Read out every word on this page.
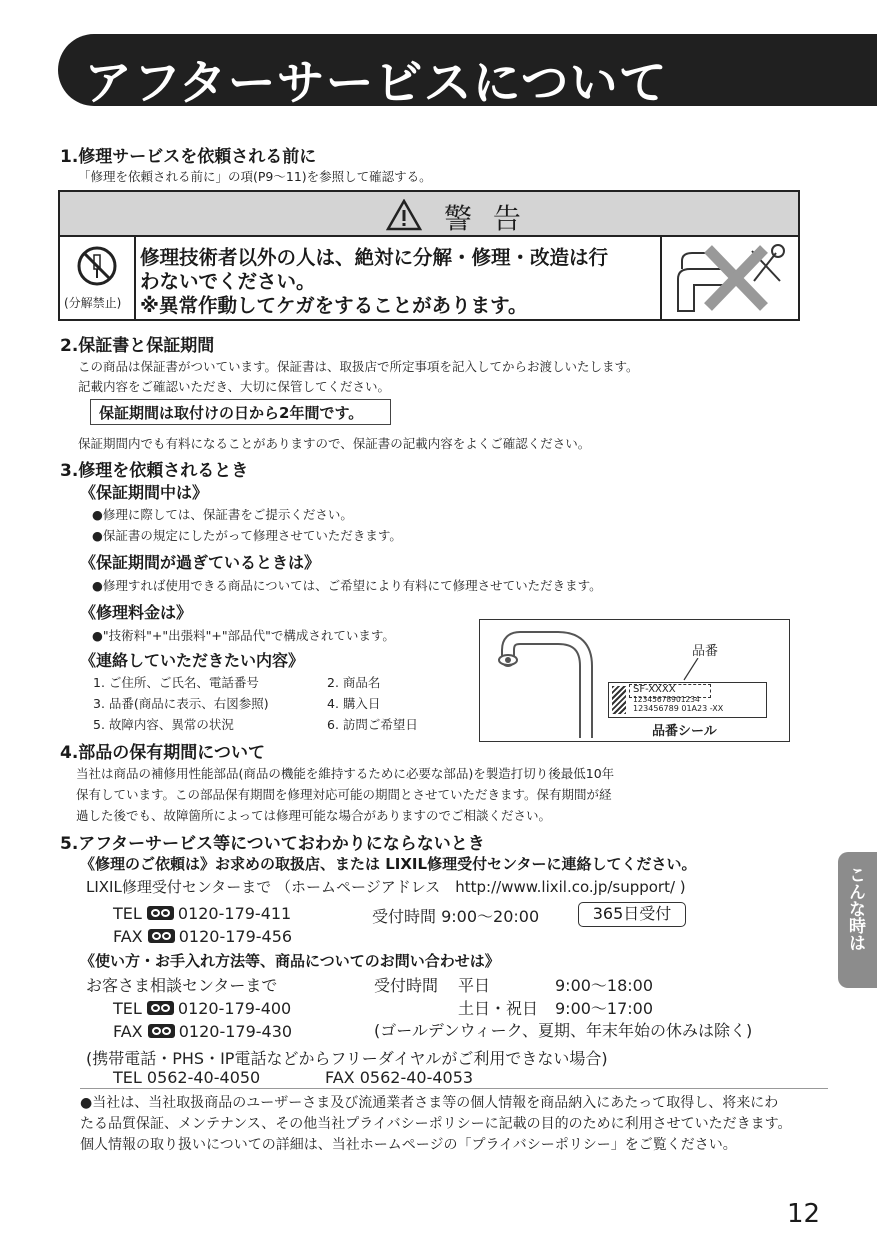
アフターサービスについて
1.修理サービスを依頼される前に
「修理を依頼される前に」の項(P9～11)を参照して確認する。
警 告
(分解禁止)
修理技術者以外の人は、絶対に分解・修理・改造は行
わないでください。
※異常作動してケガをすることがあります。
2.保証書と保証期間
この商品は保証書がついています。保証書は、取扱店で所定事項を記入してからお渡しいたします。
記載内容をご確認いただき、大切に保管してください。
保証期間は取付けの日から2年間です。
保証期間内でも有料になることがありますので、保証書の記載内容をよくご確認ください。
3.修理を依頼されるとき
《保証期間中は》
●修理に際しては、保証書をご提示ください。
●保証書の規定にしたがって修理させていただきます。
《保証期間が過ぎているときは》
●修理すれば使用できる商品については、ご希望により有料にて修理させていただきます。
《修理料金は》
●"技術料"+"出張料"+"部品代"で構成されています。
《連絡していただきたい内容》
1. ご住所、ご氏名、電話番号	2. 商品名
3. 品番(商品に表示、右図参照)	4. 購入日
5. 故障内容、異常の状況	6. 訪問ご希望日
品番
SF-XXXX
12345678901234
123456789 01A23 -XX
品番シール
4.部品の保有期間について
当社は商品の補修用性能部品(商品の機能を維持するために必要な部品)を製造打切り後最低10年
保有しています。この部品保有期間を修理対応可能の期間とさせていただきます。保有期間が経
過した後でも、故障箇所によっては修理可能な場合がありますのでご相談ください。
5.アフターサービス等についておわかりにならないとき
《修理のご依頼は》お求めの取扱店、または LIXIL修理受付センターに連絡してください。
LIXIL修理受付センターまで （ホームページアドレス　http://www.lixil.co.jp/support/ )
TEL 0120-179-411	受付時間 9:00～20:00	365日受付
FAX 0120-179-456
《使い方・お手入れ方法等、商品についてのお問い合わせは》
お客さま相談センターまで	受付時間 平日	9:00～18:00
土日・祝日 9:00～17:00
TEL 0120-179-400
FAX 0120-179-430	(ゴールデンウィーク、夏期、年末年始の休みは除く)
(携帯電話・PHS・IP電話などからフリーダイヤルがご利用できない場合)
TEL 0562-40-4050	FAX 0562-40-4053
●当社は、当社取扱商品のユーザーさま及び流通業者さま等の個人情報を商品納入にあたって取得し、将来にわ
たる品質保証、メンテナンス、その他当社プライバシーポリシーに記載の目的のために利用させていただきます。
個人情報の取り扱いについての詳細は、当社ホームページの「プライバシーポリシー」をご覧ください。
こんな時は
12
